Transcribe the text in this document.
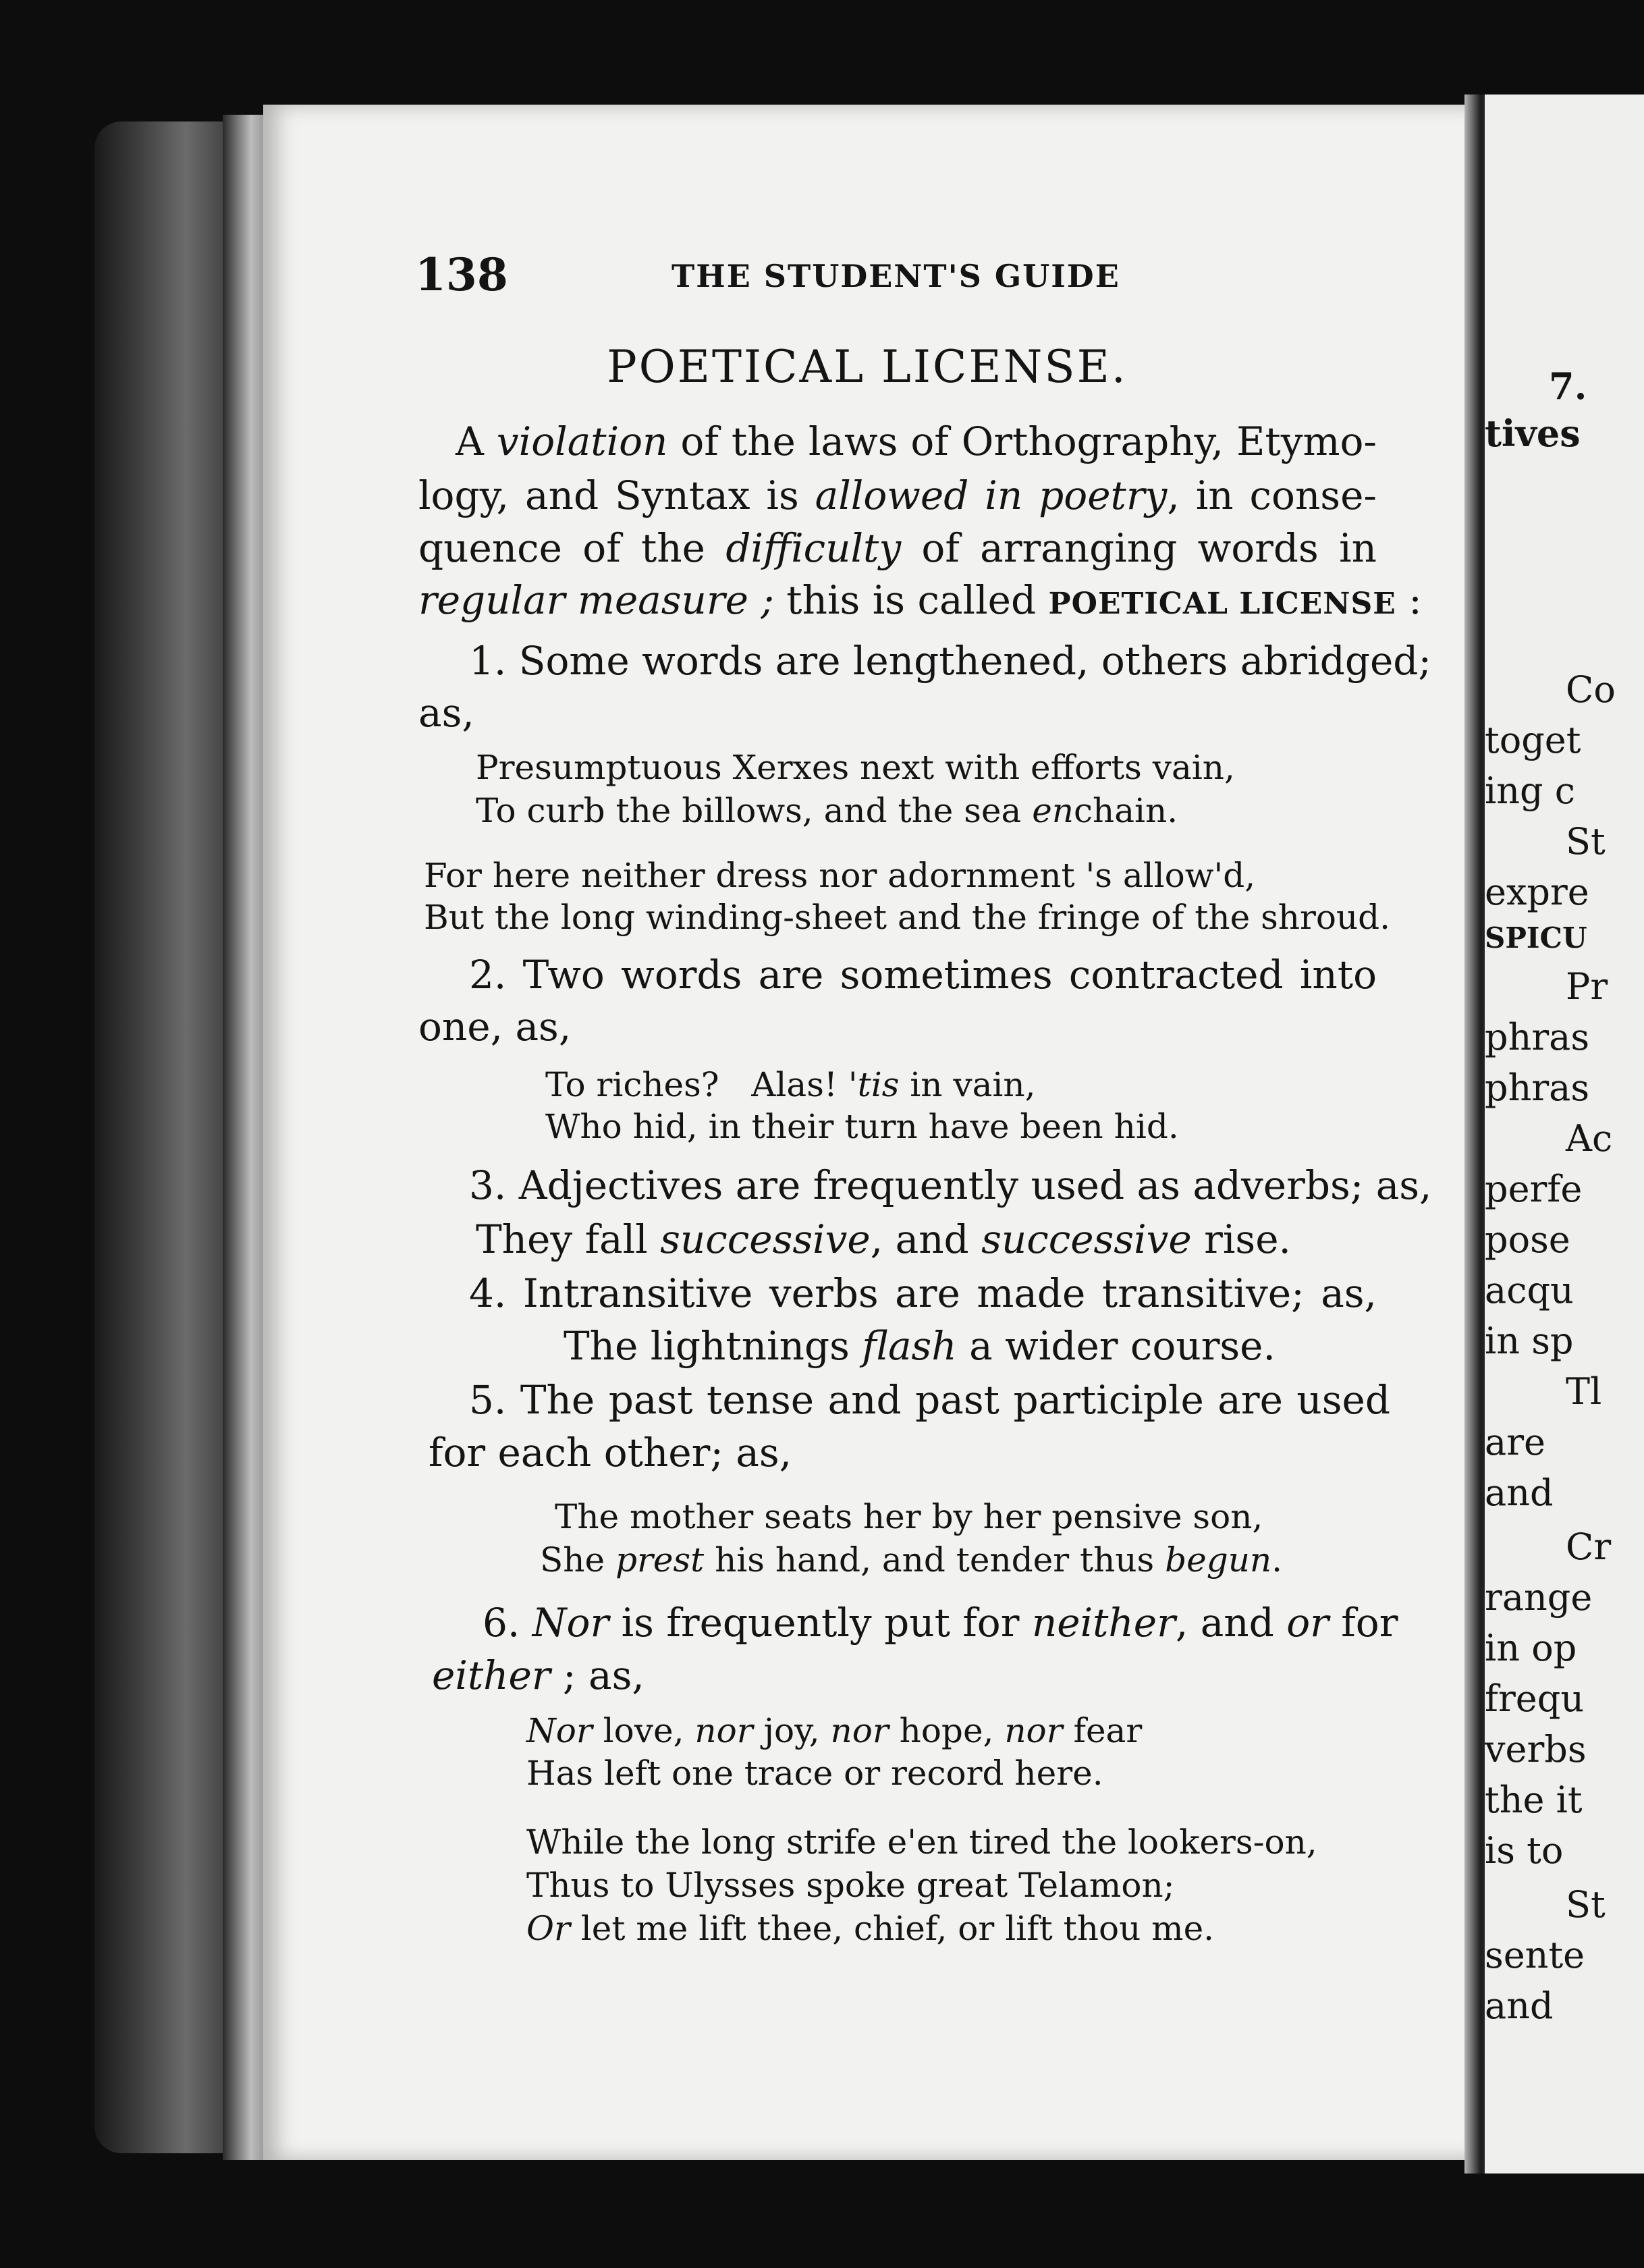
7.
tives
Co
toget
ing c
St
expre
SPICU
Pr
phras
phras
Ac
perfe
pose
acqu
in sp
Tl
are
and
Cr
range
in op
frequ
verbs
the it
is to
St
sente
and
138	THE STUDENT'S GUIDE
POETICAL LICENSE.
A violation of the laws of Orthography, Etymo-
logy, and Syntax is allowed in poetry, in conse-
quence of the difficulty of arranging words in
regular measure ; this is called POETICAL LICENSE :
1. Some words are lengthened, others abridged;
as,
Presumptuous Xerxes next with efforts vain,
To curb the billows, and the sea enchain.
For here neither dress nor adornment 's allow'd,
But the long winding-sheet and the fringe of the shroud.
2. Two words are sometimes contracted into
one, as,
To riches?   Alas! 'tis in vain,
Who hid, in their turn have been hid.
3. Adjectives are frequently used as adverbs; as,
They fall successive, and successive rise.
4. Intransitive verbs are made transitive; as,
The lightnings flash a wider course.
5. The past tense and past participle are used
for each other; as,
The mother seats her by her pensive son,
She prest his hand, and tender thus begun.
6. Nor is frequently put for neither, and or for
either ; as,
Nor love, nor joy, nor hope, nor fear
Has left one trace or record here.
While the long strife e'en tired the lookers-on,
Thus to Ulysses spoke great Telamon;
Or let me lift thee, chief, or lift thou me.
